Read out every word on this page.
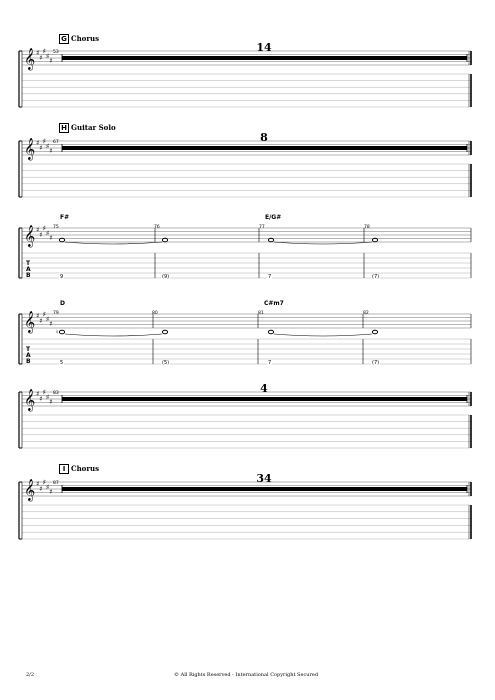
𝄞 ♯
♯
♯
♯
♯
𝄞 ♯
♯
♯
♯
♯
𝄞 ♯
♯
♯
♯
♯
𝄞 ♯
♯
♯
♯
♯
𝄞 ♯
♯
♯
♯
♯
𝄞 ♯
♯
♯
♯
♯
♮
G Chorus
H Guitar Solo
I Chorus
53	14
67	8
F#	E/G#
75	76	77	78
9	(9)	7	(7)
D	C#m7
79	80	81	82
5	(5)	7	(7)
83	4
87	34
T
A
B
T
A
B
2/2	© All Rights Reserved - International Copyright Secured
